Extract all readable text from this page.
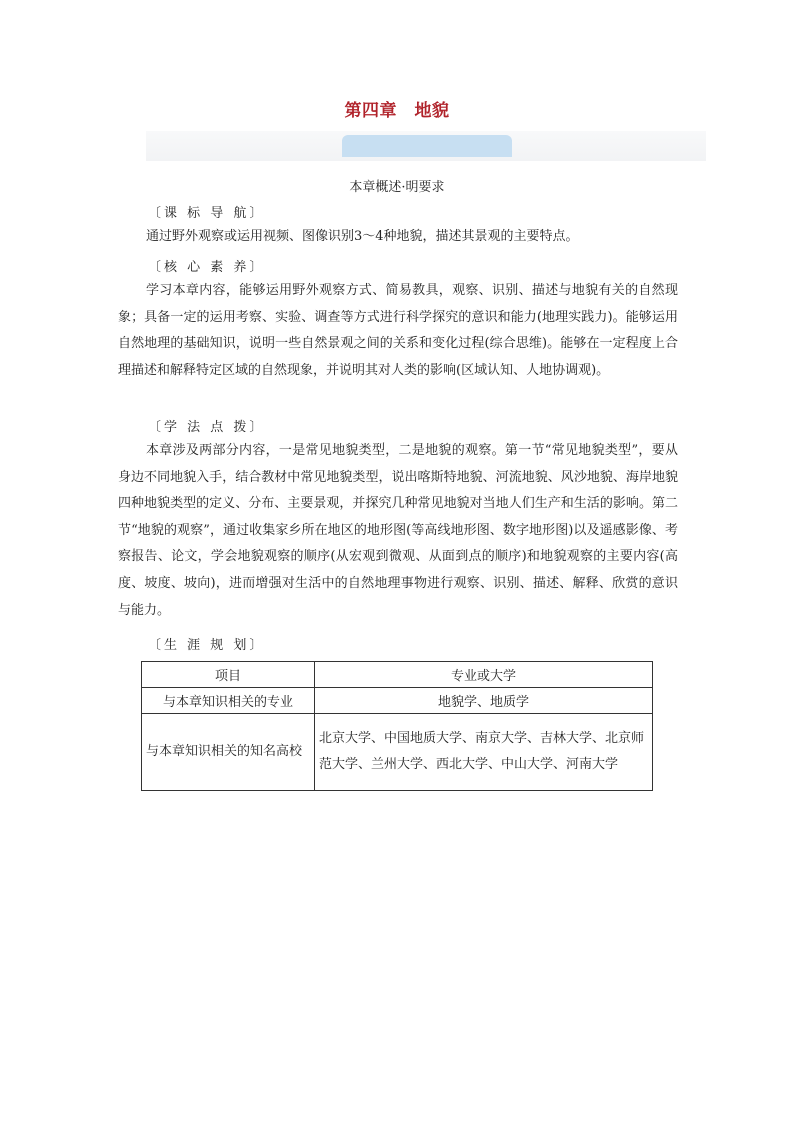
第四章　地貌
本章概述·明要求
〔课 标 导 航〕

通过野外观察或运用视频、图像识别3～4种地貌，描述其景观的主要特点。

〔核 心 素 养〕

学习本章内容，能够运用野外观察方式、简易教具，观察、识别、描述与地貌有关的自然现象；具备一定的运用考察、实验、调查等方式进行科学探究的意识和能力(地理实践力)。能够运用自然地理的基础知识，说明一些自然景观之间的关系和变化过程(综合思维)。能够在一定程度上合理描述和解释特定区域的自然现象，并说明其对人类的影响(区域认知、人地协调观)。

〔学 法 点 拨〕

本章涉及两部分内容，一是常见地貌类型，二是地貌的观察。第一节“常见地貌类型”，要从身边不同地貌入手，结合教材中常见地貌类型，说出喀斯特地貌、河流地貌、风沙地貌、海岸地貌四种地貌类型的定义、分布、主要景观，并探究几种常见地貌对当地人们生产和生活的影响。第二节“地貌的观察”，通过收集家乡所在地区的地形图(等高线地形图、数字地形图)以及遥感影像、考察报告、论文，学会地貌观察的顺序(从宏观到微观、从面到点的顺序)和地貌观察的主要内容(高度、坡度、坡向)，进而增强对生活中的自然地理事物进行观察、识别、描述、解释、欣赏的意识与能力。

〔生 涯 规 划〕
项目	专业或大学
与本章知识相关的专业	地貌学、地质学
与本章知识相关的知名高校	北京大学、中国地质大学、南京大学、吉林大学、北京师范大学、兰州大学、西北大学、中山大学、河南大学
